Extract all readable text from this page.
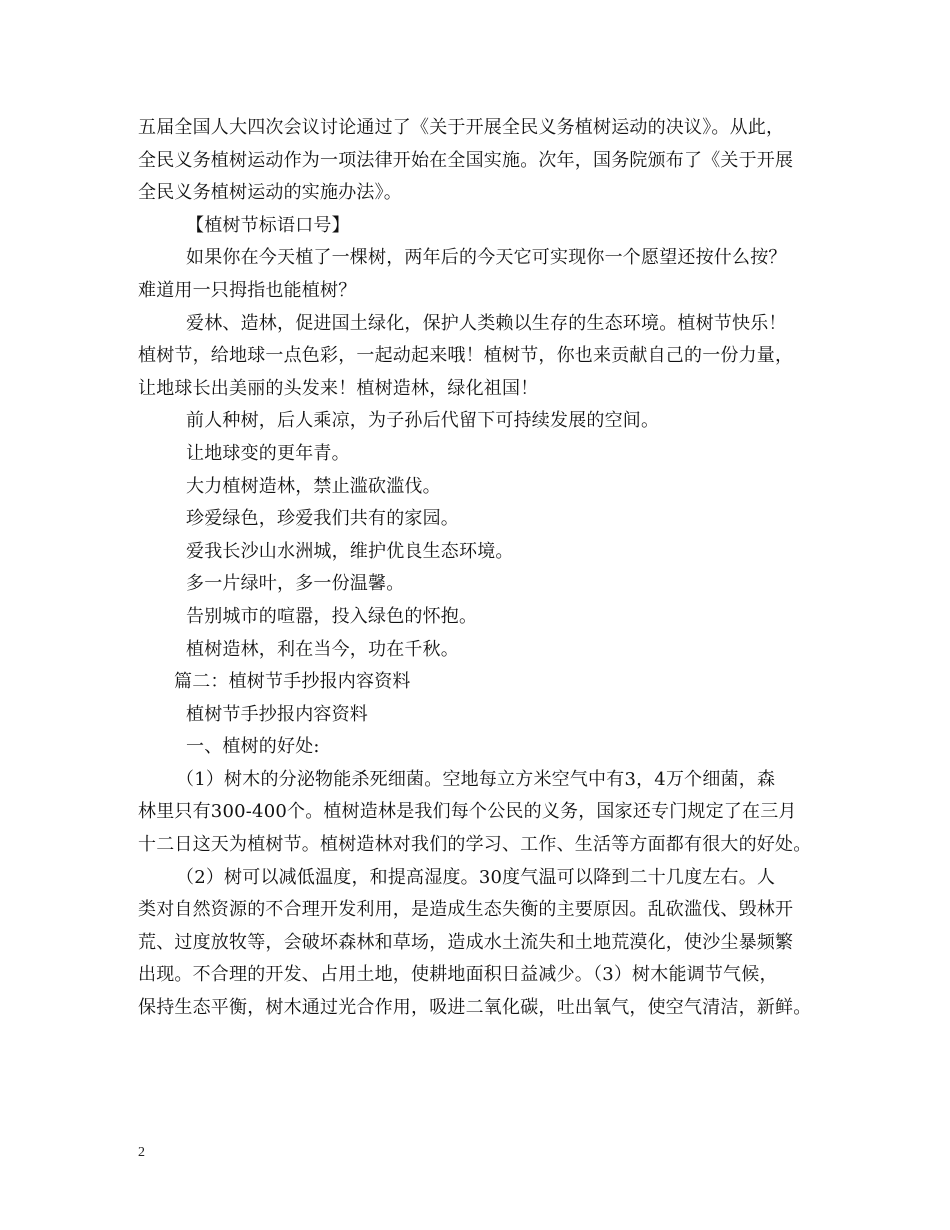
五届全国人大四次会议讨论通过了《关于开展全民义务植树运动的决议》。从此，
全民义务植树运动作为一项法律开始在全国实施。次年，国务院颁布了《关于开展
全民义务植树运动的实施办法》。
【植树节标语口号】
如果你在今天植了一棵树，两年后的今天它可实现你一个愿望还按什么按？
难道用一只拇指也能植树？
爱林、造林，促进国土绿化，保护人类赖以生存的生态环境。植树节快乐！
植树节，给地球一点色彩，一起动起来哦！植树节，你也来贡献自己的一份力量，
让地球长出美丽的头发来！植树造林，绿化祖国！
前人种树，后人乘凉，为子孙后代留下可持续发展的空间。
让地球变的更年青。
大力植树造林，禁止滥砍滥伐。
珍爱绿色，珍爱我们共有的家园。
爱我长沙山水洲城，维护优良生态环境。
多一片绿叶，多一份温馨。
告别城市的喧嚣，投入绿色的怀抱。
植树造林，利在当今，功在千秋。
篇二：植树节手抄报内容资料
植树节手抄报内容资料
一、植树的好处:
（1）树木的分泌物能杀死细菌。空地每立方米空气中有3，4万个细菌，森
林里只有300-400个。植树造林是我们每个公民的义务，国家还专门规定了在三月
十二日这天为植树节。植树造林对我们的学习、工作、生活等方面都有很大的好处。
（2）树可以减低温度，和提高湿度。30度气温可以降到二十几度左右。人
类对自然资源的不合理开发利用，是造成生态失衡的主要原因。乱砍滥伐、毁林开
荒、过度放牧等，会破坏森林和草场，造成水土流失和土地荒漠化，使沙尘暴频繁
出现。不合理的开发、占用土地，使耕地面积日益减少。（3）树木能调节气候，
保持生态平衡，树木通过光合作用，吸进二氧化碳，吐出氧气，使空气清洁，新鲜。
2
